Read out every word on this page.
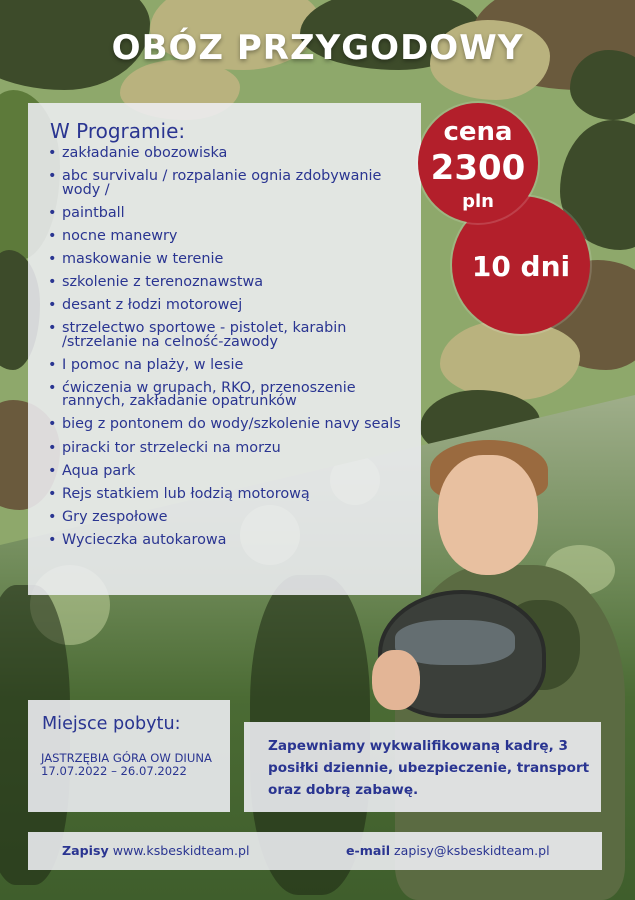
OBÓZ PRZYGODOWY
W Programie:
• zakładanie obozowiska
• abc survivalu / rozpalanie ognia zdobywanie wody /
• paintball
• nocne manewry
• maskowanie w terenie
• szkolenie z terenoznawstwa
• desant z łodzi motorowej
• strzelectwo sportowe - pistolet, karabin /strzelanie na celność-zawody
• I pomoc na plaży, w lesie
• ćwiczenia w grupach, RKO, przenoszenie rannych, zakładanie opatrunków
• bieg z pontonem do wody/szkolenie navy seals
• piracki tor strzelecki na morzu
• Aqua park
• Rejs statkiem lub łodzią motorową
• Gry zespołowe
• Wycieczka autokarowa
10 dni
cena
2300
pln
Miejsce pobytu:
JASTRZĘBIA GÓRA OW DIUNA
17.07.2022 – 26.07.2022

Zapewniamy wykwalifikowaną kadrę, 3 posiłki dziennie, ubezpieczenie, transport oraz dobrą zabawę.

Zapisy www.ksbeskidteam.pl	e-mail zapisy@ksbeskidteam.pl
